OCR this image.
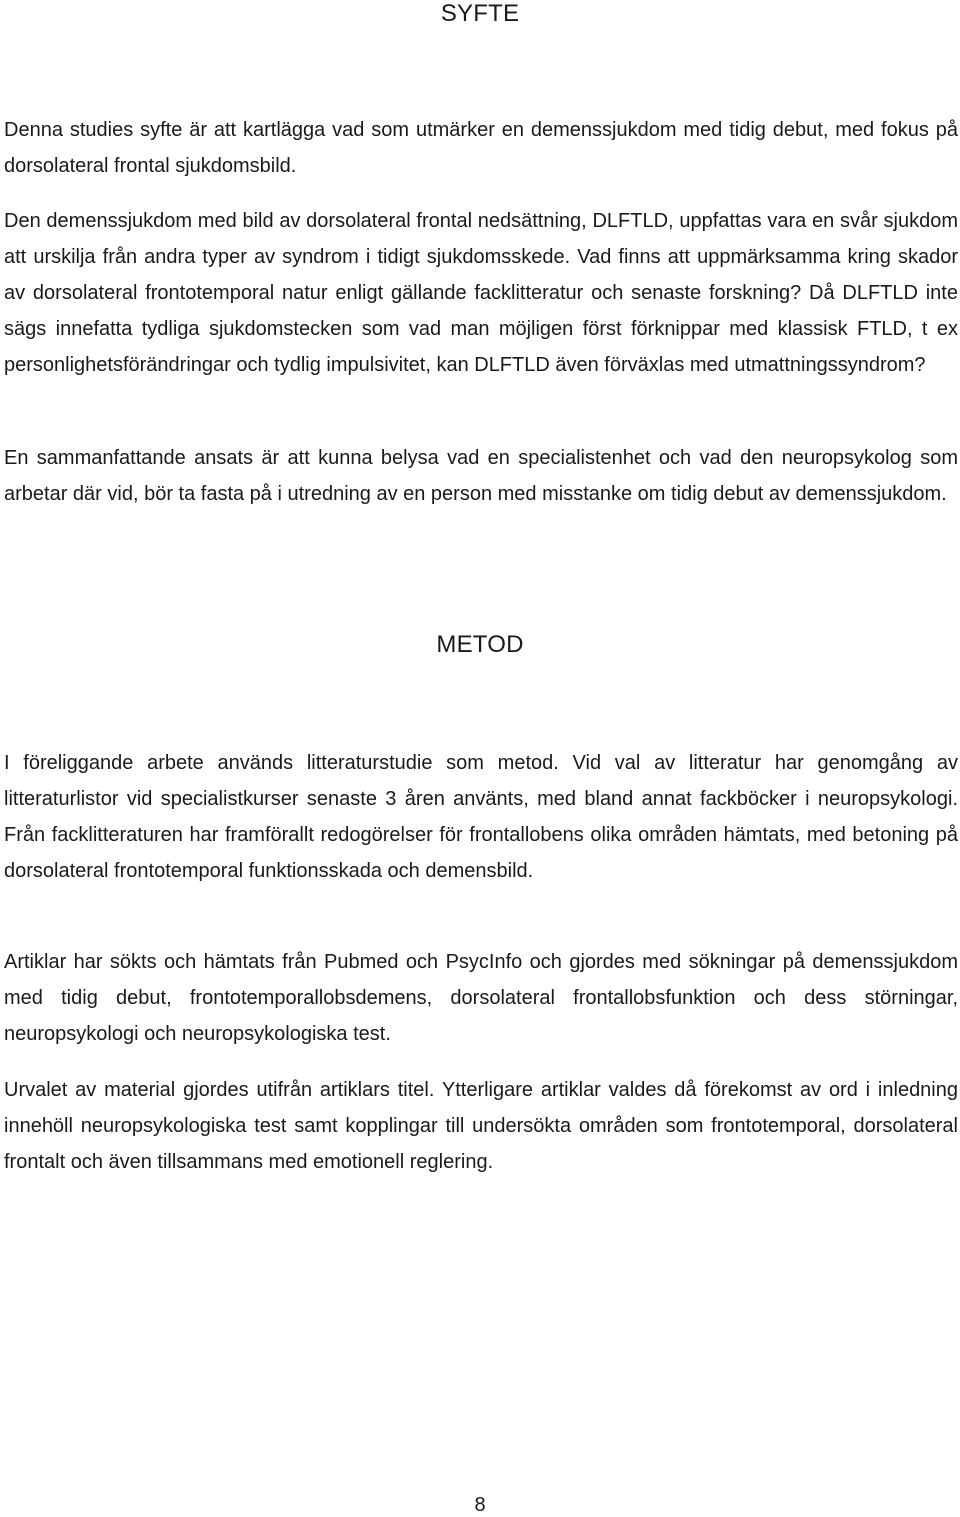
SYFTE

Denna studies syfte är att kartlägga vad som utmärker en demenssjukdom med tidig debut, med fokus på dorsolateral frontal sjukdomsbild.

Den demenssjukdom med bild av dorsolateral frontal nedsättning, DLFTLD, uppfattas vara en svår sjukdom att urskilja från andra typer av syndrom i tidigt sjukdomsskede. Vad finns att uppmärksamma kring skador av dorsolateral frontotemporal natur enligt gällande facklitteratur och senaste forskning? Då DLFTLD inte sägs innefatta tydliga sjukdomstecken som vad man möjligen först förknippar med klassisk FTLD, t ex personlighetsförändringar och tydlig impulsivitet, kan DLFTLD även förväxlas med utmattningssyndrom?

En sammanfattande ansats är att kunna belysa vad en specialistenhet och vad den neuropsykolog som arbetar där vid, bör ta fasta på i utredning av en person med misstanke om tidig debut av demenssjukdom.

METOD

I föreliggande arbete används litteraturstudie som metod. Vid val av litteratur har genomgång av litteraturlistor vid specialistkurser senaste 3 åren använts, med bland annat fackböcker i neuropsykologi. Från facklitteraturen har framförallt redogörelser för frontallobens olika områden hämtats, med betoning på dorsolateral frontotemporal funktionsskada och demensbild.

Artiklar har sökts och hämtats från Pubmed och PsycInfo och gjordes med sökningar på demenssjukdom med tidig debut, frontotemporallobsdemens, dorsolateral frontallobsfunktion och dess störningar, neuropsykologi och neuropsykologiska test.

Urvalet av material gjordes utifrån artiklars titel. Ytterligare artiklar valdes då förekomst av ord i inledning innehöll neuropsykologiska test samt kopplingar till undersökta områden som frontotemporal, dorsolateral frontalt och även tillsammans med emotionell reglering.

8
